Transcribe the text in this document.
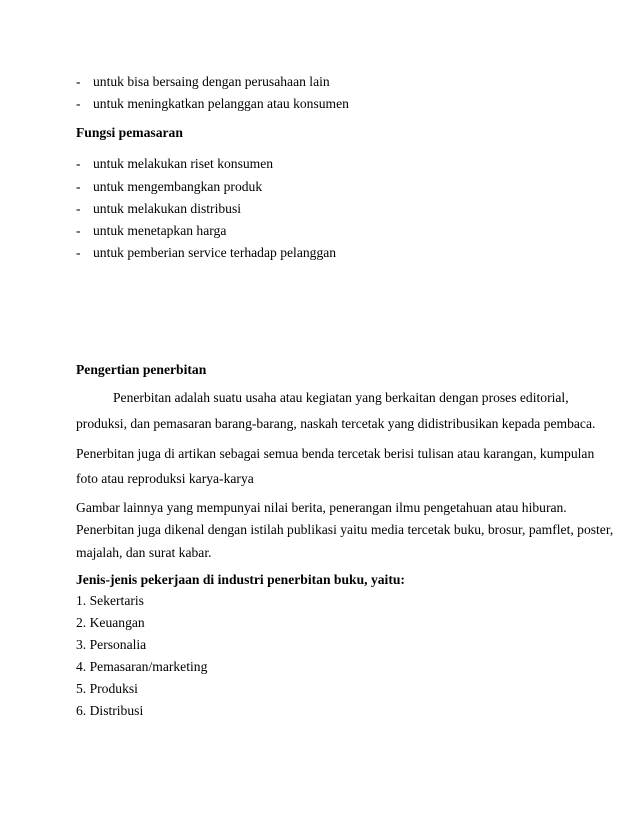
- untuk bisa bersaing dengan perusahaan lain
- untuk meningkatkan pelanggan atau konsumen
Fungsi pemasaran
- untuk melakukan riset konsumen
- untuk mengembangkan produk
- untuk melakukan distribusi
- untuk menetapkan harga
- untuk pemberian service terhadap pelanggan
Pengertian penerbitan
Penerbitan adalah suatu usaha atau kegiatan yang berkaitan dengan proses editorial,
produksi, dan pemasaran barang-barang, naskah tercetak yang didistribusikan kepada pembaca.
Penerbitan juga di artikan sebagai semua benda tercetak berisi tulisan atau karangan, kumpulan
foto atau reproduksi karya-karya
Gambar lainnya yang mempunyai nilai berita, penerangan ilmu pengetahuan atau hiburan.
Penerbitan juga dikenal dengan istilah publikasi yaitu media tercetak buku, brosur, pamflet, poster,
majalah, dan surat kabar.
Jenis-jenis pekerjaan di industri penerbitan buku, yaitu:
1. Sekertaris
2. Keuangan
3. Personalia
4. Pemasaran/marketing
5. Produksi
6. Distribusi
